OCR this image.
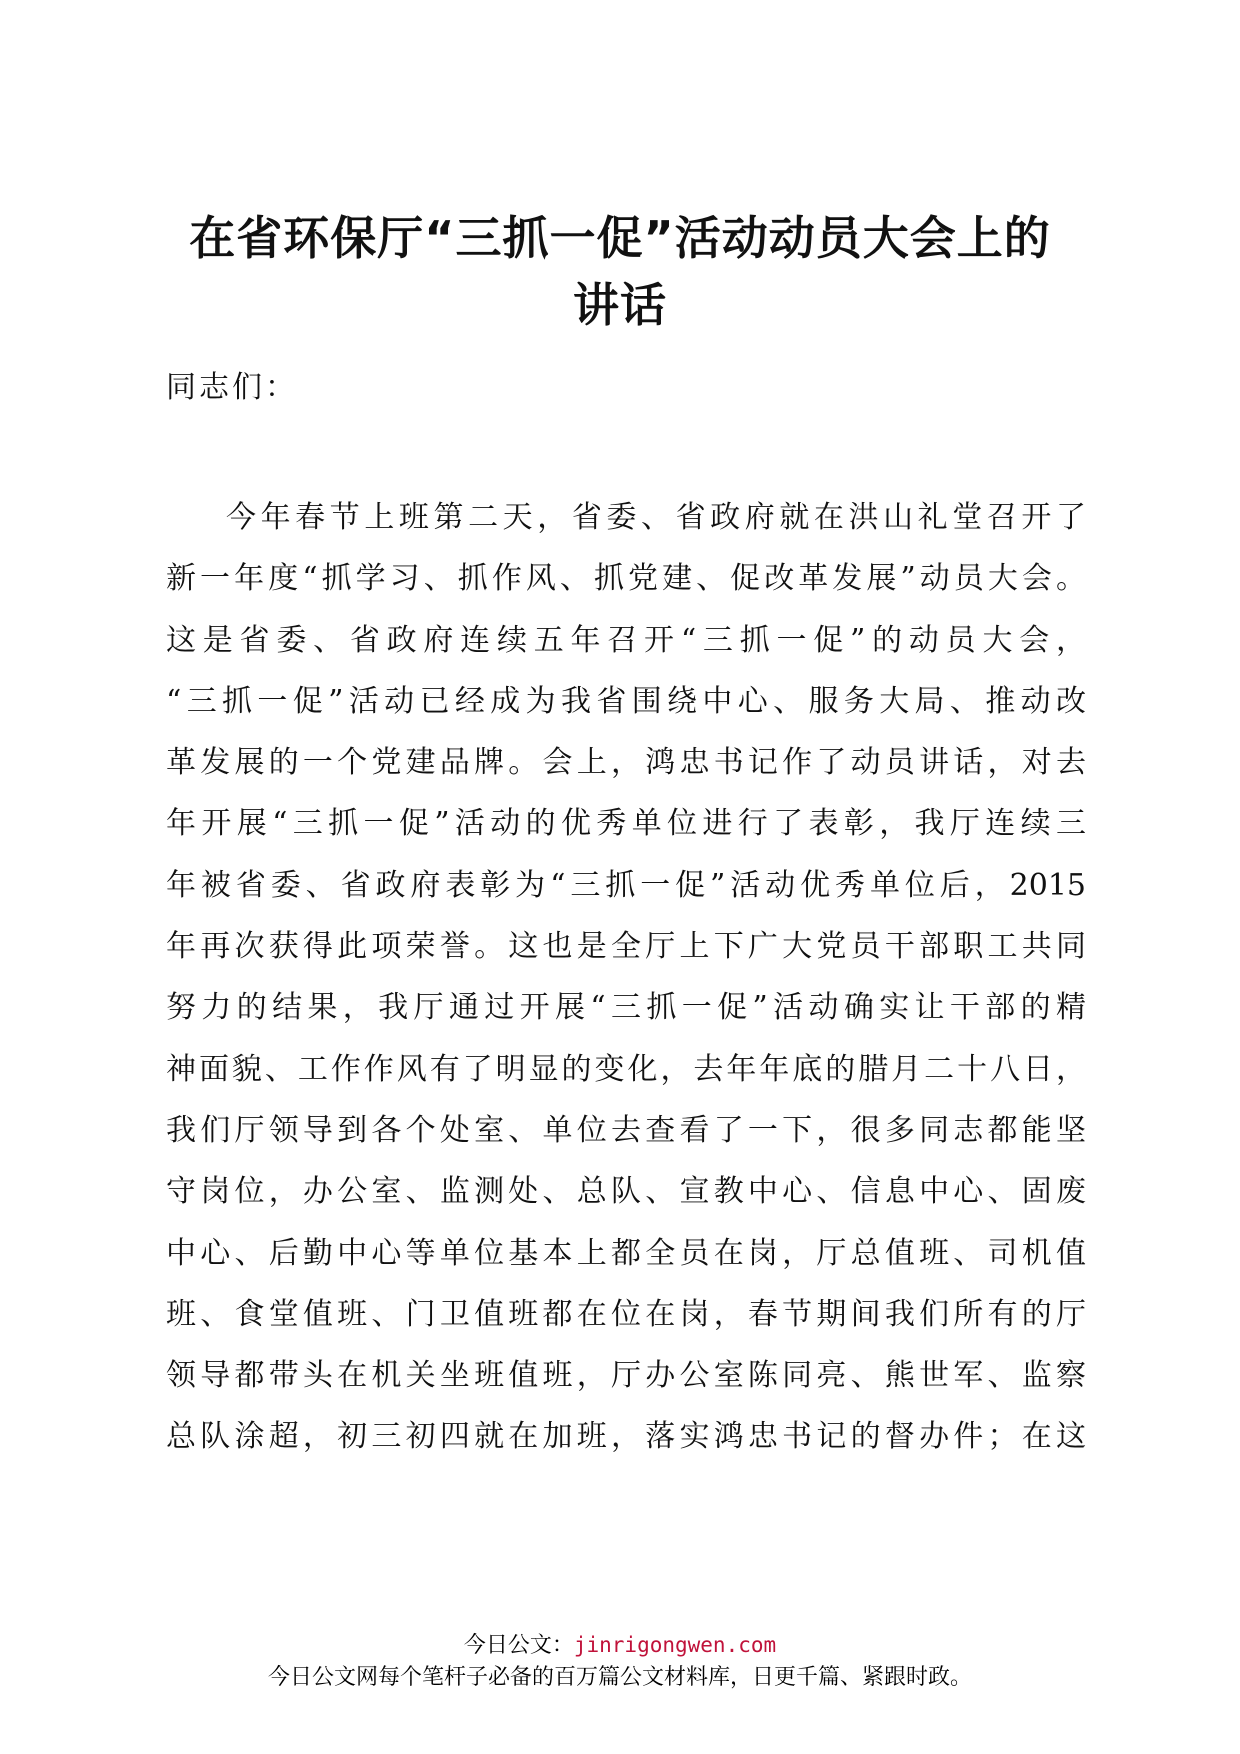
在省环保厅“三抓一促”活动动员大会上的
讲话

同志们：

今年春节上班第二天，省委、省政府就在洪山礼堂召开了
新一年度“抓学习、抓作风、抓党建、促改革发展”动员大会。
这是省委、省政府连续五年召开“三抓一促”的动员大会，
“三抓一促”活动已经成为我省围绕中心、服务大局、推动改
革发展的一个党建品牌。会上，鸿忠书记作了动员讲话，对去
年开展“三抓一促”活动的优秀单位进行了表彰，我厅连续三
年被省委、省政府表彰为“三抓一促”活动优秀单位后，2015
年再次获得此项荣誉。这也是全厅上下广大党员干部职工共同
努力的结果，我厅通过开展“三抓一促”活动确实让干部的精
神面貌、工作作风有了明显的变化，去年年底的腊月二十八日，
我们厅领导到各个处室、单位去查看了一下，很多同志都能坚
守岗位，办公室、监测处、总队、宣教中心、信息中心、固废
中心、后勤中心等单位基本上都全员在岗，厅总值班、司机值
班、食堂值班、门卫值班都在位在岗，春节期间我们所有的厅
领导都带头在机关坐班值班，厅办公室陈同亮、熊世军、监察
总队涂超，初三初四就在加班，落实鸿忠书记的督办件；在这
今日公文：jinrigongwen.com
今日公文网每个笔杆子必备的百万篇公文材料库，日更千篇、紧跟时政。
